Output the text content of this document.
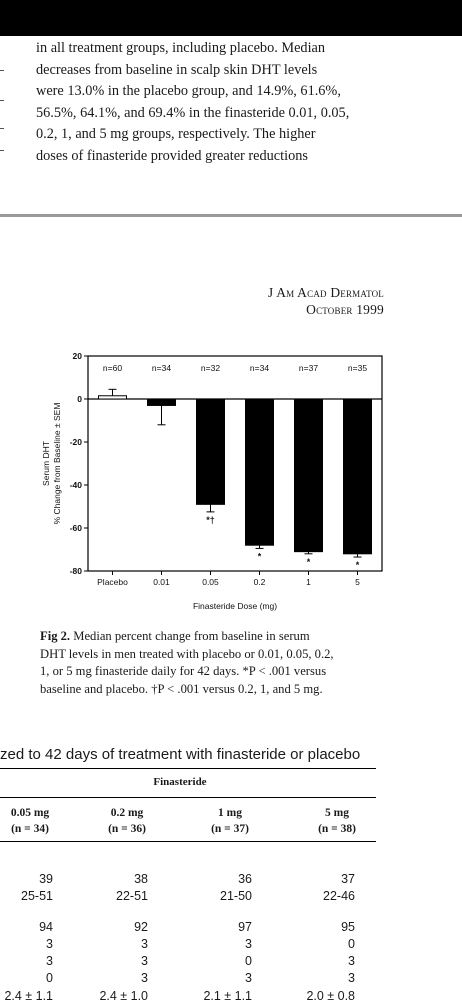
in all treatment groups, including placebo. Median
decreases from baseline in scalp skin DHT levels
were 13.0% in the placebo group, and 14.9%, 61.6%,
56.5%, 64.1%, and 69.4% in the finasteride 0.01, 0.05,
0.2, 1, and 5 mg groups, respectively. The higher
doses of finasteride provided greater reductions

J Am Acad Dermatol
October 1999
20
0
-20
-40
-60
-80
n=60
Placebo
n=34
0.01
n=32
*†
0.05
n=34
*
0.2
n=37
*
1
n=35
*
5
Finasteride Dose (mg)
Serum DHT % Change from Baseline ± SEM

Fig 2. Median percent change from baseline in serum
DHT levels in men treated with placebo or 0.01, 0.05, 0.2,
1, or 5 mg finasteride daily for 42 days. *P < .001 versus
baseline and placebo. †P < .001 versus 0.2, 1, and 5 mg.

zed to 42 days of treatment with finasteride or placebo
Finasteride
0.05 mg
(n = 34)
0.2 mg
(n = 36)
1 mg
(n = 37)
5 mg
(n = 38)
39	38	36	37
25-51	22-51	21-50	22-46
94	92	97	95
3	3	3	0
3	3	0	3
0	3	3	3
2.4 ± 1.1	2.4 ± 1.0	2.1 ± 1.1	2.0 ± 0.8
